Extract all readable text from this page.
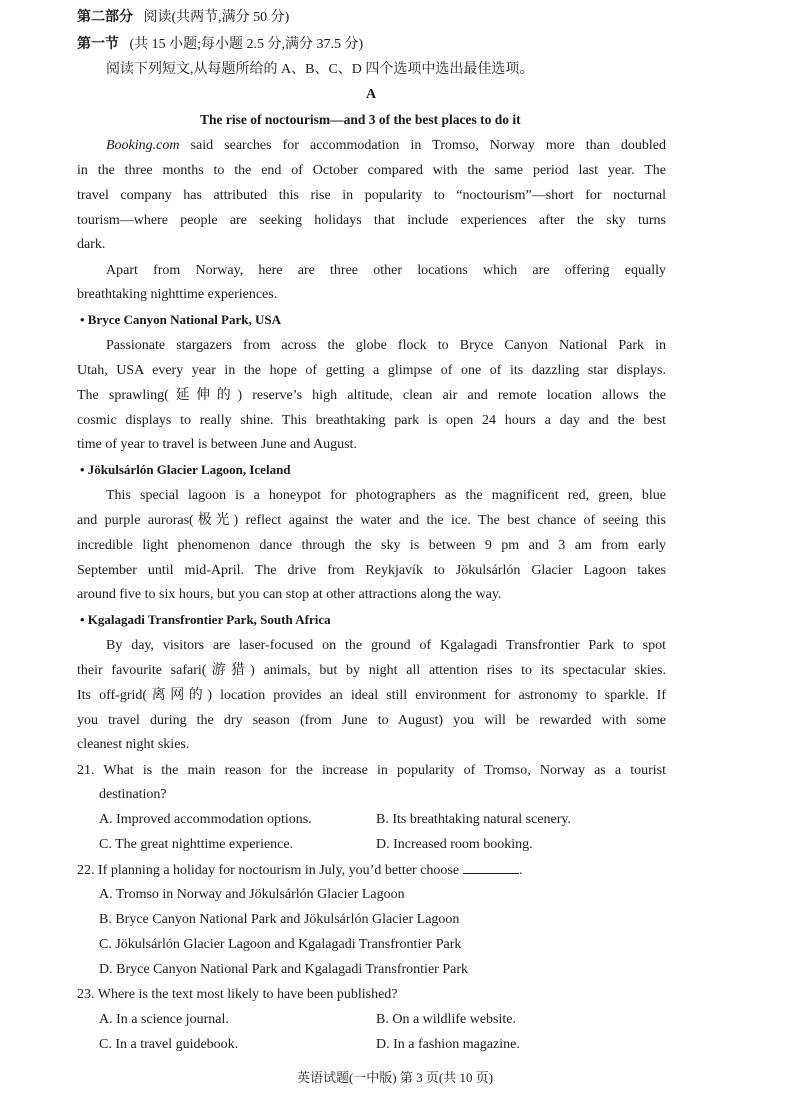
第二部分 阅读(共两节,满分 50 分)
第一节 (共 15 小题;每小题 2.5 分,满分 37.5 分)
阅读下列短文,从每题所给的 A、B、C、D 四个选项中选出最佳选项。
A
The rise of noctourism—and 3 of the best places to do it
Booking.com said searches for accommodation in Tromso, Norway more than doubled
in the three months to the end of October compared with the same period last year. The
travel company has attributed this rise in popularity to “noctourism”—short for nocturnal
tourism—where people are seeking holidays that include experiences after the sky turns
dark.
Apart from Norway, here are three other locations which are offering equally
breathtaking nighttime experiences.
• Bryce Canyon National Park, USA
Passionate stargazers from across the globe flock to Bryce Canyon National Park in
Utah, USA every year in the hope of getting a glimpse of one of its dazzling star displays.
The sprawling(延伸的) reserve’s high altitude, clean air and remote location allows the
cosmic displays to really shine. This breathtaking park is open 24 hours a day and the best
time of year to travel is between June and August.
• Jökulsárlón Glacier Lagoon, Iceland
This special lagoon is a honeypot for photographers as the magnificent red, green, blue
and purple auroras(极光) reflect against the water and the ice. The best chance of seeing this
incredible light phenomenon dance through the sky is between 9 pm and 3 am from early
September until mid-April. The drive from Reykjavík to Jökulsárlón Glacier Lagoon takes
around five to six hours, but you can stop at other attractions along the way.
• Kgalagadi Transfrontier Park, South Africa
By day, visitors are laser-focused on the ground of Kgalagadi Transfrontier Park to spot
their favourite safari(游猎) animals, but by night all attention rises to its spectacular skies.
Its off-grid(离网的) location provides an ideal still environment for astronomy to sparkle. If
you travel during the dry season (from June to August) you will be rewarded with some
cleanest night skies.
21. What is the main reason for the increase in popularity of Tromso, Norway as a tourist
destination?
A. Improved accommodation options.	B. Its breathtaking natural scenery.
C. The great nighttime experience.	D. Increased room booking.
22. If planning a holiday for noctourism in July, you’d better choose	.
A. Tromso in Norway and Jökulsárlón Glacier Lagoon
B. Bryce Canyon National Park and Jökulsárlón Glacier Lagoon
C. Jökulsárlón Glacier Lagoon and Kgalagadi Transfrontier Park
D. Bryce Canyon National Park and Kgalagadi Transfrontier Park
23. Where is the text most likely to have been published?
A. In a science journal.	B. On a wildlife website.
C. In a travel guidebook.	D. In a fashion magazine.
英语试题(一中版) 第 3 页(共 10 页)
